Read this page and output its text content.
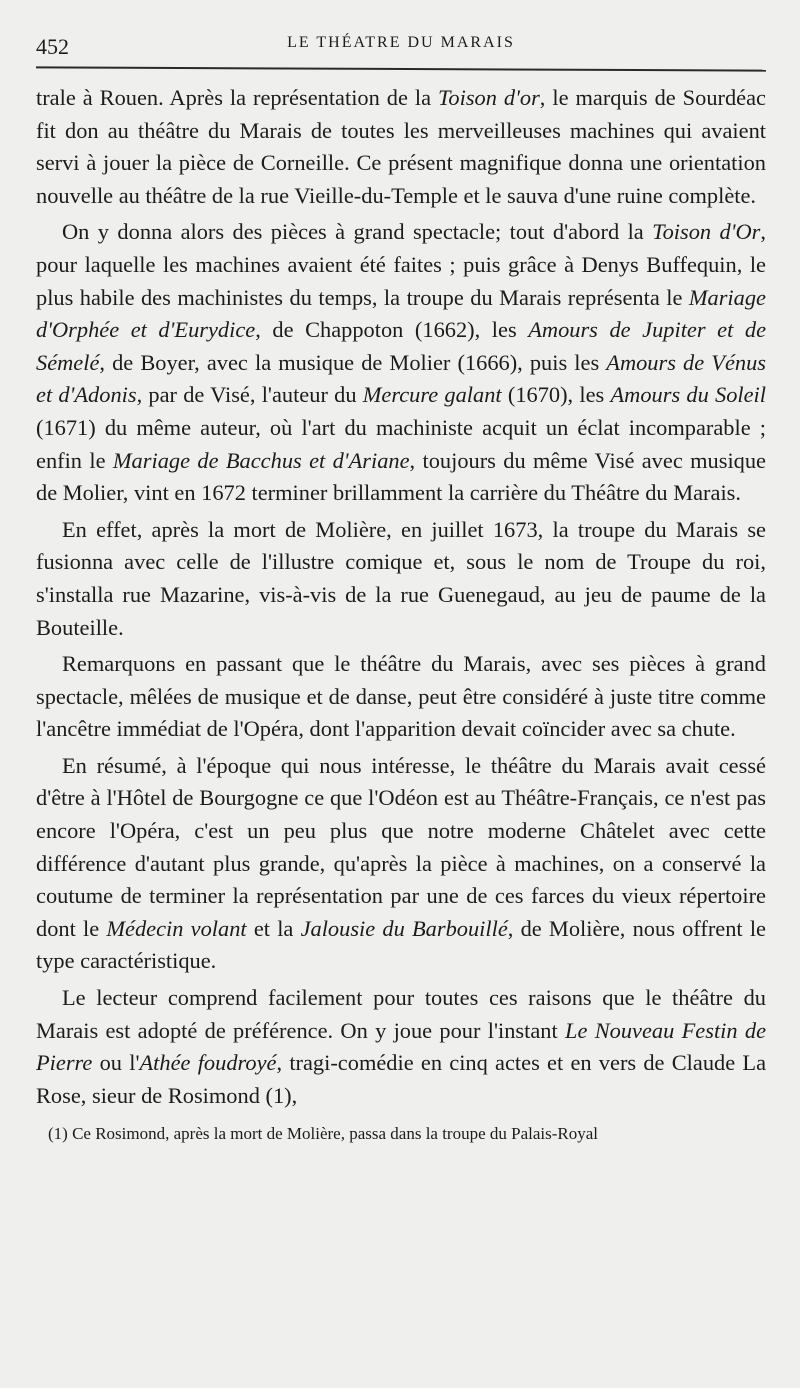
452	LE THÉATRE DU MARAIS

trale à Rouen. Après la représentation de la Toison d'or, le marquis de Sourdéac fit don au théâtre du Marais de toutes les merveilleuses machines qui avaient servi à jouer la pièce de Corneille. Ce présent magnifique donna une orientation nouvelle au théâtre de la rue Vieille-du-Temple et le sauva d'une ruine complète.

On y donna alors des pièces à grand spectacle; tout d'abord la Toison d'Or, pour laquelle les machines avaient été faites ; puis grâce à Denys Buffequin, le plus habile des machinistes du temps, la troupe du Marais représenta le Mariage d'Orphée et d'Eurydice, de Chappoton (1662), les Amours de Jupiter et de Sémelé, de Boyer, avec la musique de Molier (1666), puis les Amours de Vénus et d'Adonis, par de Visé, l'auteur du Mercure galant (1670), les Amours du Soleil (1671) du même auteur, où l'art du machiniste acquit un éclat incomparable ; enfin le Mariage de Bacchus et d'Ariane, toujours du même Visé avec musique de Molier, vint en 1672 terminer brillamment la carrière du Théâtre du Marais.

En effet, après la mort de Molière, en juillet 1673, la troupe du Marais se fusionna avec celle de l'illustre comique et, sous le nom de Troupe du roi, s'installa rue Mazarine, vis-à-vis de la rue Guenegaud, au jeu de paume de la Bouteille.

Remarquons en passant que le théâtre du Marais, avec ses pièces à grand spectacle, mêlées de musique et de danse, peut être considéré à juste titre comme l'ancêtre immédiat de l'Opéra, dont l'apparition devait coïncider avec sa chute.

En résumé, à l'époque qui nous intéresse, le théâtre du Marais avait cessé d'être à l'Hôtel de Bourgogne ce que l'Odéon est au Théâtre-Français, ce n'est pas encore l'Opéra, c'est un peu plus que notre moderne Châtelet avec cette différence d'autant plus grande, qu'après la pièce à machines, on a conservé la coutume de terminer la représentation par une de ces farces du vieux répertoire dont le Médecin volant et la Jalousie du Barbouillé, de Molière, nous offrent le type caractéristique.

Le lecteur comprend facilement pour toutes ces raisons que le théâtre du Marais est adopté de préférence. On y joue pour l'instant Le Nouveau Festin de Pierre ou l'Athée foudroyé, tragi-comédie en cinq actes et en vers de Claude La Rose, sieur de Rosimond (1),

(1) Ce Rosimond, après la mort de Molière, passa dans la troupe du Palais-Royal
